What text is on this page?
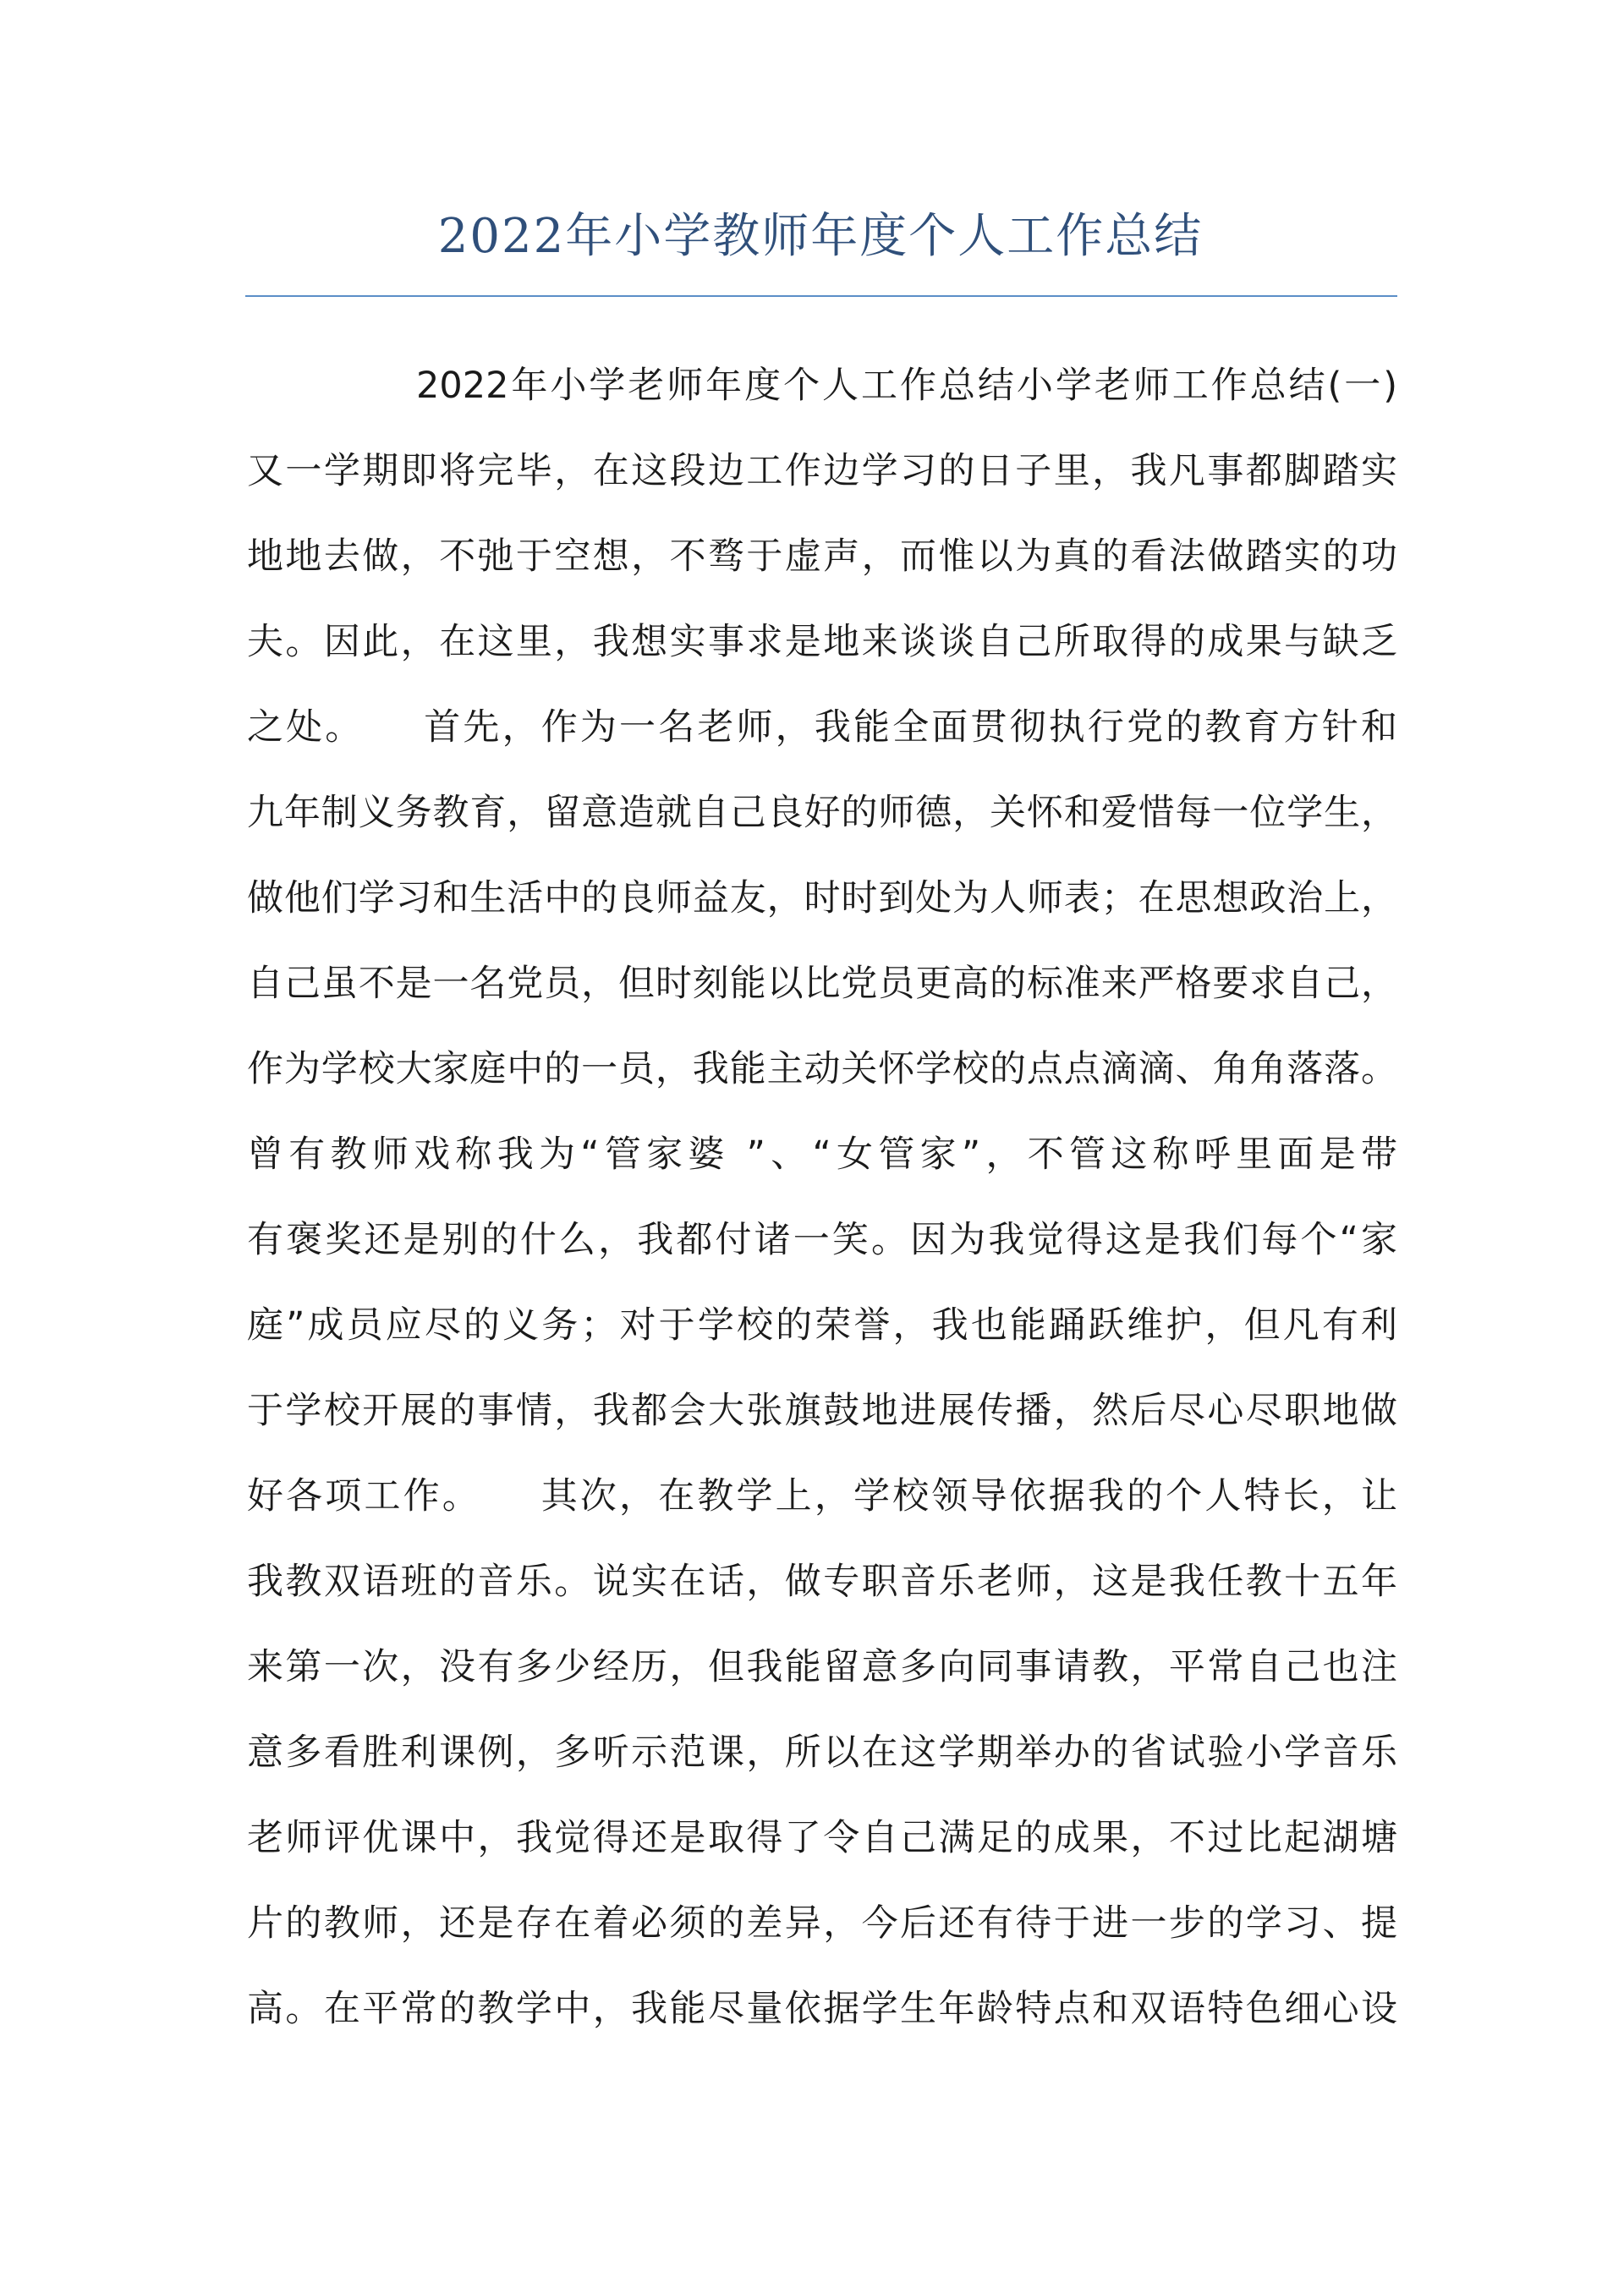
2022年小学教师年度个人工作总结
2022年小学老师年度个人工作总结小学老师工作总结(一)
又一学期即将完毕，在这段边工作边学习的日子里，我凡事都脚踏实
地地去做，不弛于空想，不骛于虚声，而惟以为真的看法做踏实的功
夫。因此，在这里，我想实事求是地来谈谈自己所取得的成果与缺乏
之处。　　首先，作为一名老师，我能全面贯彻执行党的教育方针和
九年制义务教育，留意造就自己良好的师德，关怀和爱惜每一位学生，
做他们学习和生活中的良师益友，时时到处为人师表；在思想政治上，
自己虽不是一名党员，但时刻能以比党员更高的标准来严格要求自己，
作为学校大家庭中的一员，我能主动关怀学校的点点滴滴、角角落落。
曾有教师戏称我为“管家婆 ”、“女管家”，不管这称呼里面是带
有褒奖还是别的什么，我都付诸一笑。因为我觉得这是我们每个“家
庭”成员应尽的义务；对于学校的荣誉，我也能踊跃维护，但凡有利
于学校开展的事情，我都会大张旗鼓地进展传播，然后尽心尽职地做
好各项工作。　　其次，在教学上，学校领导依据我的个人特长，让
我教双语班的音乐。说实在话，做专职音乐老师，这是我任教十五年
来第一次，没有多少经历，但我能留意多向同事请教，平常自己也注
意多看胜利课例，多听示范课，所以在这学期举办的省试验小学音乐
老师评优课中，我觉得还是取得了令自己满足的成果，不过比起湖塘
片的教师，还是存在着必须的差异，今后还有待于进一步的学习、提
高。在平常的教学中，我能尽量依据学生年龄特点和双语特色细心设
